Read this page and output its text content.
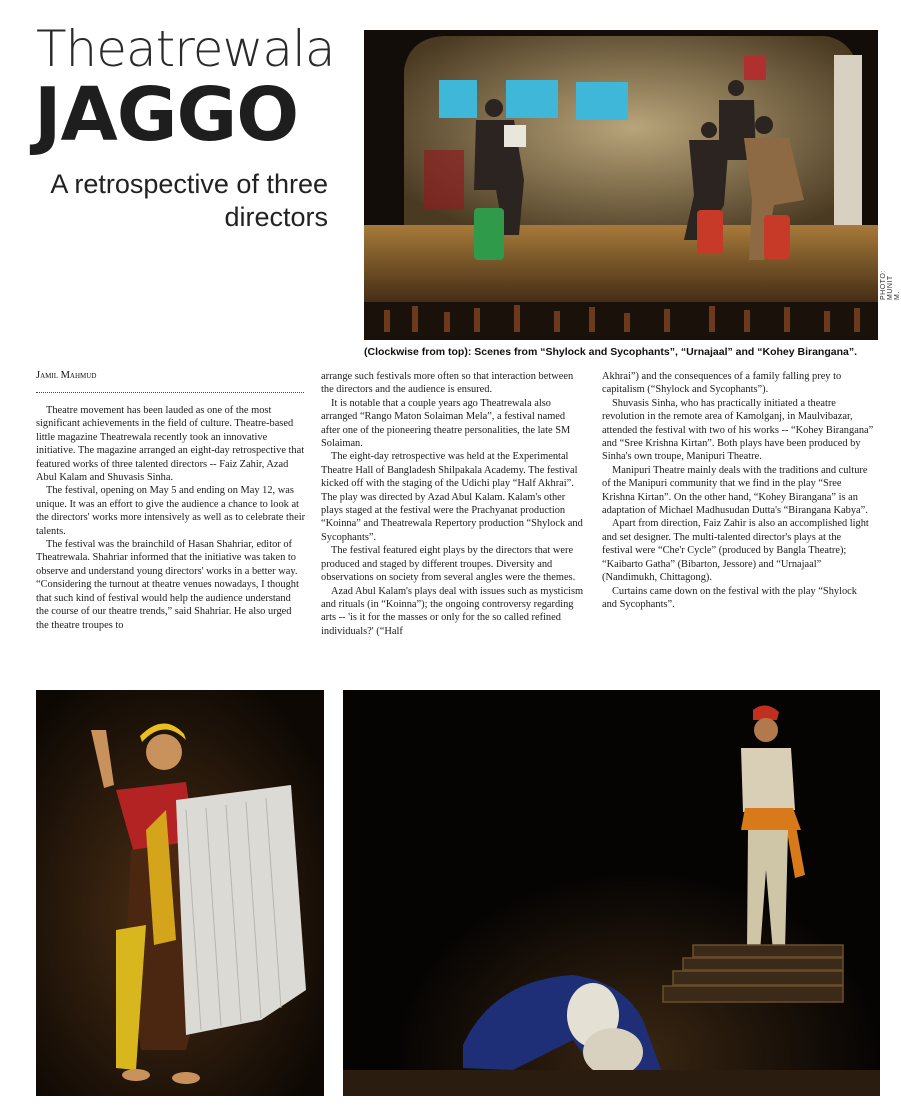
Theatrewala
JAGGO
A retrospective of three directors
PHOTO: MUNIT M.
(Clockwise from top): Scenes from “Shylock and Sycophants”, “Urnajaal” and “Kohey Birangana”.
Jamil Mahmud

Theatre movement has been lauded as one of the most significant achievements in the field of culture. Theatre-based little magazine Theatrewala recently took an innovative initiative. The magazine arranged an eight-day retrospective that featured works of three talented directors -- Faiz Zahir, Azad Abul Kalam and Shuvasis Sinha.

The festival, opening on May 5 and ending on May 12, was unique. It was an effort to give the audience a chance to look at the directors' works more intensively as well as to celebrate their talents.

The festival was the brainchild of Hasan Shahriar, editor of Theatrewala. Shahriar informed that the initiative was taken to observe and understand young directors' works in a better way. “Considering the turnout at theatre venues nowadays, I thought that such kind of festival would help the audience understand the course of our theatre trends,” said Shahriar. He also urged the theatre troupes to

arrange such festivals more often so that interaction between the directors and the audience is ensured.

It is notable that a couple years ago Theatrewala also arranged “Rango Maton Solaiman Mela”, a festival named after one of the pioneering theatre personalities, the late SM Solaiman.

The eight-day retrospective was held at the Experimental Theatre Hall of Bangladesh Shilpakala Academy. The festival kicked off with the staging of the Udichi play “Half Akhrai”. The play was directed by Azad Abul Kalam. Kalam's other plays staged at the festival were the Prachyanat production “Koinna” and Theatrewala Repertory production “Shylock and Sycophants”.

The festival featured eight plays by the directors that were produced and staged by different troupes. Diversity and observations on society from several angles were the themes.

Azad Abul Kalam's plays deal with issues such as mysticism and rituals (in “Koinna”); the ongoing controversy regarding arts -- 'is it for the masses or only for the so called refined individuals?' (“Half

Akhrai”) and the consequences of a family falling prey to capitalism (“Shylock and Sycophants”).

Shuvasis Sinha, who has practically initiated a theatre revolution in the remote area of Kamolganj, in Maulvibazar, attended the festival with two of his works -- “Kohey Birangana” and “Sree Krishna Kirtan”. Both plays have been produced by Sinha's own troupe, Manipuri Theatre.

Manipuri Theatre mainly deals with the traditions and culture of the Manipuri community that we find in the play “Sree Krishna Kirtan”. On the other hand, “Kohey Birangana” is an adaptation of Michael Madhusudan Dutta's “Birangana Kabya”.

Apart from direction, Faiz Zahir is also an accomplished light and set designer. The multi-talented director's plays at the festival were “Che'r Cycle” (produced by Bangla Theatre); “Kaibarto Gatha” (Bibarton, Jessore) and “Urnajaal” (Nandimukh, Chittagong).

Curtains came down on the festival with the play “Shylock and Sycophants”.
